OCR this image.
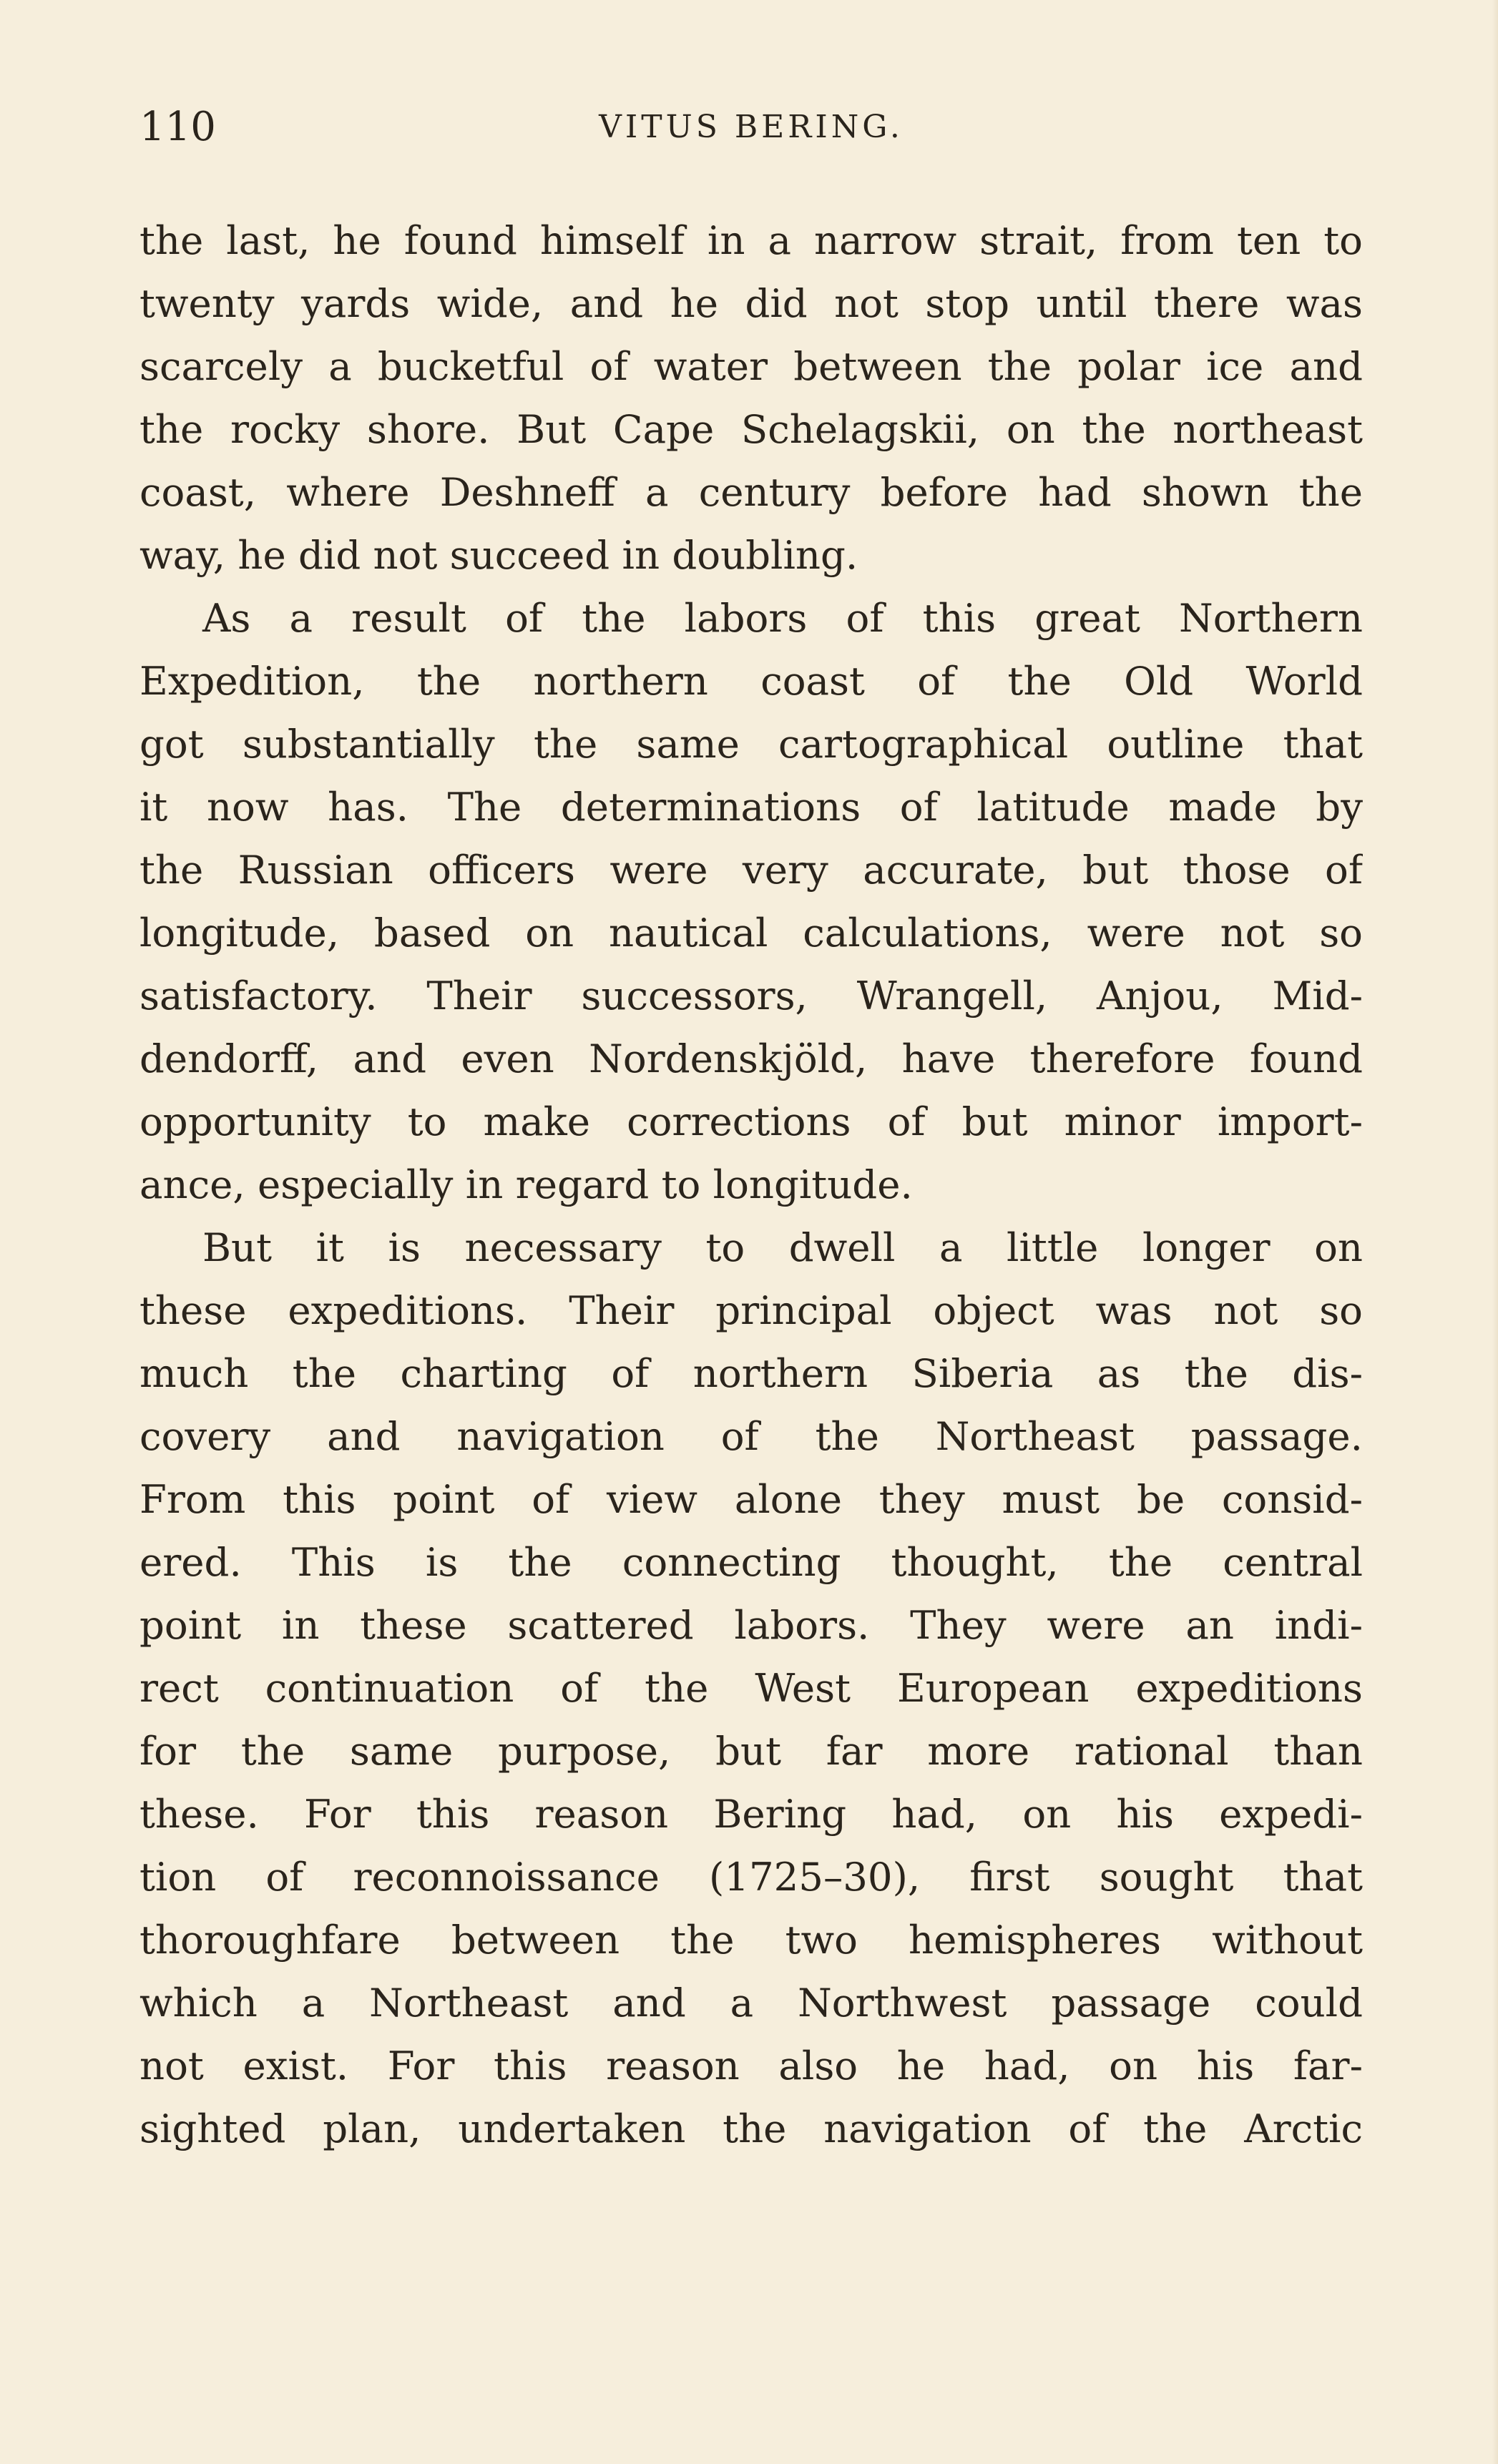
110	VITUS BERING.
the last, he found himself in a narrow strait, from ten to
twenty yards wide, and he did not stop until there was
scarcely a bucketful of water between the polar ice and
the rocky shore. But Cape Schelagskii, on the northeast
coast, where Deshneff a century before had shown the
way, he did not succeed in doubling.
As a result of the labors of this great Northern
Expedition, the northern coast of the Old World
got substantially the same cartographical outline that
it now has. The determinations of latitude made by
the Russian officers were very accurate, but those of
longitude, based on nautical calculations, were not so
satisfactory. Their successors, Wrangell, Anjou, Mid-
dendorff, and even Nordenskjöld, have therefore found
opportunity to make corrections of but minor import-
ance, especially in regard to longitude.
But it is necessary to dwell a little longer on
these expeditions. Their principal object was not so
much the charting of northern Siberia as the dis-
covery and navigation of the Northeast passage.
From this point of view alone they must be consid-
ered. This is the connecting thought, the central
point in these scattered labors. They were an indi-
rect continuation of the West European expeditions
for the same purpose, but far more rational than
these. For this reason Bering had, on his expedi-
tion of reconnoissance (1725–30), first sought that
thoroughfare between the two hemispheres without
which a Northeast and a Northwest passage could
not exist. For this reason also he had, on his far-
sighted plan, undertaken the navigation of the Arctic
